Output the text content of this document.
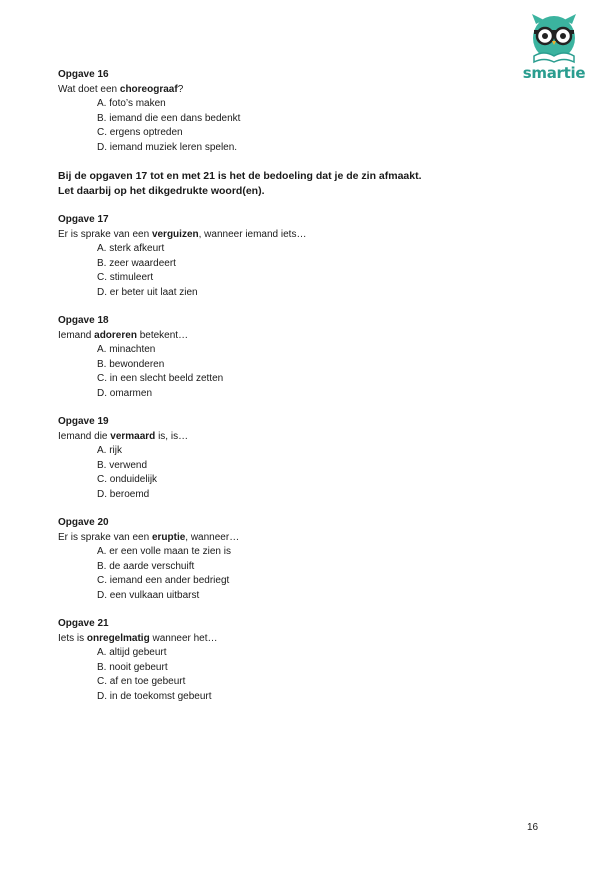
smartie
Opgave 16
Wat doet een choreograaf?
A. foto’s maken
B. iemand die een dans bedenkt
C. ergens optreden
D. iemand muziek leren spelen.
Bij de opgaven 17 tot en met 21 is het de bedoeling dat je de zin afmaakt.
Let daarbij op het dikgedrukte woord(en).
Opgave 17
Er is sprake van een verguizen, wanneer iemand iets…
A. sterk afkeurt
B. zeer waardeert
C. stimuleert
D. er beter uit laat zien
Opgave 18
Iemand adoreren betekent…
A. minachten
B. bewonderen
C. in een slecht beeld zetten
D. omarmen
Opgave 19
Iemand die vermaard is, is…
A. rijk
B. verwend
C. onduidelijk
D. beroemd
Opgave 20
Er is sprake van een eruptie, wanneer…
A. er een volle maan te zien is
B. de aarde verschuift
C. iemand een ander bedriegt
D. een vulkaan uitbarst
Opgave 21
Iets is onregelmatig wanneer het…
A. altijd gebeurt
B. nooit gebeurt
C. af en toe gebeurt
D. in de toekomst gebeurt
16
